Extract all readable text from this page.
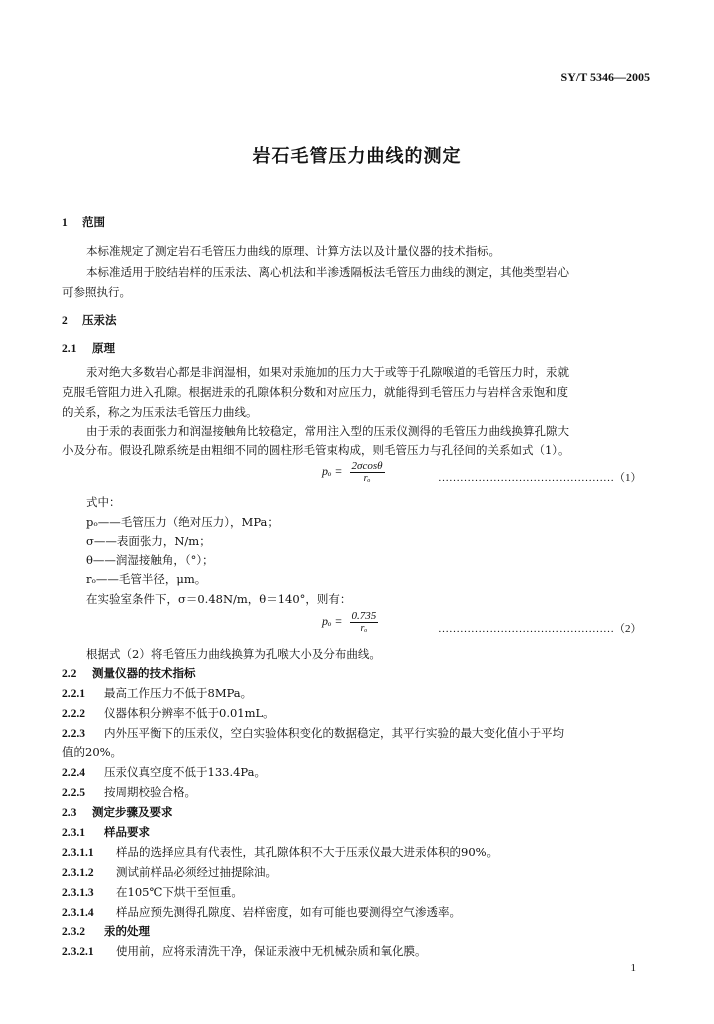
SY/T 5346—2005
岩石毛管压力曲线的测定
1 范围
本标准规定了测定岩石毛管压力曲线的原理、计算方法以及计量仪器的技术指标。
本标准适用于胶结岩样的压汞法、离心机法和半渗透隔板法毛管压力曲线的测定，其他类型岩心
可参照执行。
2 压汞法
2.1 原理
汞对绝大多数岩心都是非润湿相，如果对汞施加的压力大于或等于孔隙喉道的毛管压力时，汞就
克服毛管阻力进入孔隙。根据进汞的孔隙体积分数和对应压力，就能得到毛管压力与岩样含汞饱和度
的关系，称之为压汞法毛管压力曲线。
由于汞的表面张力和润湿接触角比较稳定，常用注入型的压汞仪测得的毛管压力曲线换算孔隙大
小及分布。假设孔隙系统是由粗细不同的圆柱形毛管束构成，则毛管压力与孔径间的关系如式（1）。
$p_o = \frac{2\sigma\cos\theta}{\text{rₒ}}$	…………………………………………（1）
式中：
pₒ——毛管压力（绝对压力），MPa；
σ——表面张力，N/m；
θ——润湿接触角，（°）；
rₒ——毛管半径，μm。
在实验室条件下，σ＝0.48N/m，θ＝140°，则有：
$p_o = \frac{0.735}{\text{rₒ}}$	…………………………………………（2）
根据式（2）将毛管压力曲线换算为孔喉大小及分布曲线。
2.2 测量仪器的技术指标
2.2.1 最高工作压力不低于8MPa。
2.2.2 仪器体积分辨率不低于0.01mL。
2.2.3 内外压平衡下的压汞仪，空白实验体积变化的数据稳定，其平行实验的最大变化值小于平均
值的20%。
2.2.4 压汞仪真空度不低于133.4Pa。
2.2.5 按周期校验合格。
2.3 测定步骤及要求
2.3.1 样品要求
2.3.1.1 样品的选择应具有代表性，其孔隙体积不大于压汞仪最大进汞体积的90%。
2.3.1.2 测试前样品必须经过抽提除油。
2.3.1.3 在105℃下烘干至恒重。
2.3.1.4 样品应预先测得孔隙度、岩样密度，如有可能也要测得空气渗透率。
2.3.2 汞的处理
2.3.2.1 使用前，应将汞清洗干净，保证汞液中无机械杂质和氧化膜。
1
